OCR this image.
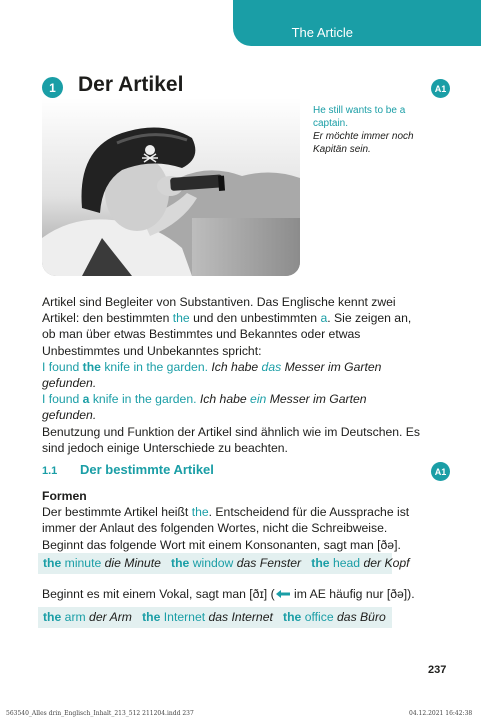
The Article
1	Der Artikel	A1
He still wants to be a captain.
Er möchte immer noch Kapitän sein.

Artikel sind Begleiter von Substantiven. Das Englische kennt zwei Artikel: den bestimmten the und den unbestimmten a. Sie zeigen an, ob man über etwas Bestimmtes und Bekanntes oder etwas Unbestimmtes und Unbekanntes spricht:

I found the knife in the garden. Ich habe das Messer im Garten gefunden.

I found a knife in the garden. Ich habe ein Messer im Garten gefunden.

Benutzung und Funktion der Artikel sind ähnlich wie im Deutschen. Es sind jedoch einige Unterschiede zu beachten.

1.1 Der bestimmte Artikel	A1

Formen

Der bestimmte Artikel heißt the. Entscheidend für die Aussprache ist immer der Anlaut des folgenden Wortes, nicht die Schreibweise. Beginnt das folgende Wort mit einem Konsonanten, sagt man [ðə].

the minute die Minute the window das Fenster the head der Kopf
Beginnt es mit einem Vokal, sagt man [ðɪ] ( im AE häufig nur [ðə]).
the arm der Arm the Internet das Internet the office das Büro
237
563540_Alles drin_Englisch_Inhalt_213_512 211204.indd 237	04.12.2021 16:42:38
